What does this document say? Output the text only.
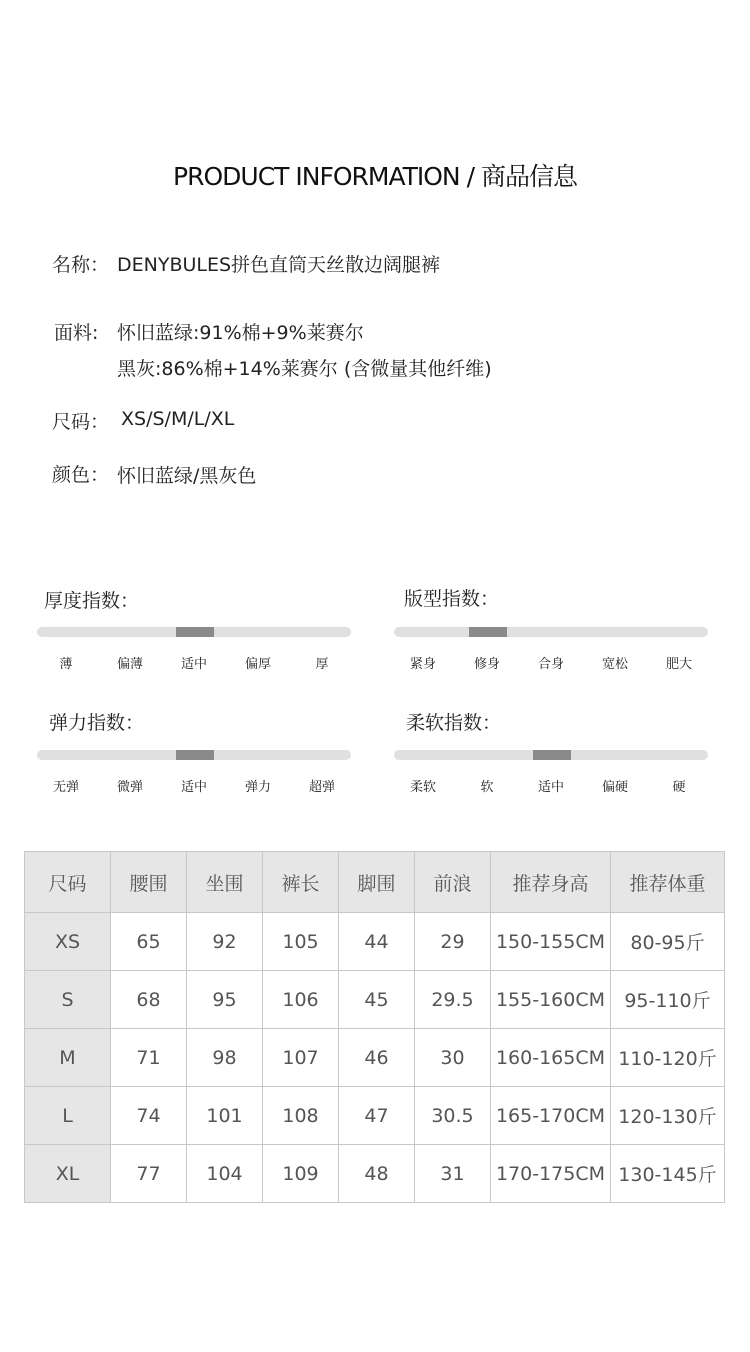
PRODUCT INFORMATION / 商品信息
名称： DENYBULES拼色直筒天丝散边阔腿裤
面料: 怀旧蓝绿:91%棉+9%莱赛尔
黑灰:86%棉+14%莱赛尔 (含微量其他纤维)
尺码： XS/S/M/L/XL
颜色： 怀旧蓝绿/黑灰色
厚度指数：
薄	偏薄	适中	偏厚	厚
版型指数：
紧身	修身	合身	宽松	肥大
弹力指数：
无弹	微弹	适中	弹力	超弹
柔软指数：
柔软	软	适中	偏硬	硬
尺码	腰围	坐围	裤长	脚围	前浪	推荐身高	推荐体重
XS	65	92	105	44	29	150-155CM	80-95斤
S	68	95	106	45	29.5	155-160CM	95-110斤
M	71	98	107	46	30	160-165CM	110-120斤
L	74	101	108	47	30.5	165-170CM	120-130斤
XL	77	104	109	48	31	170-175CM	130-145斤
